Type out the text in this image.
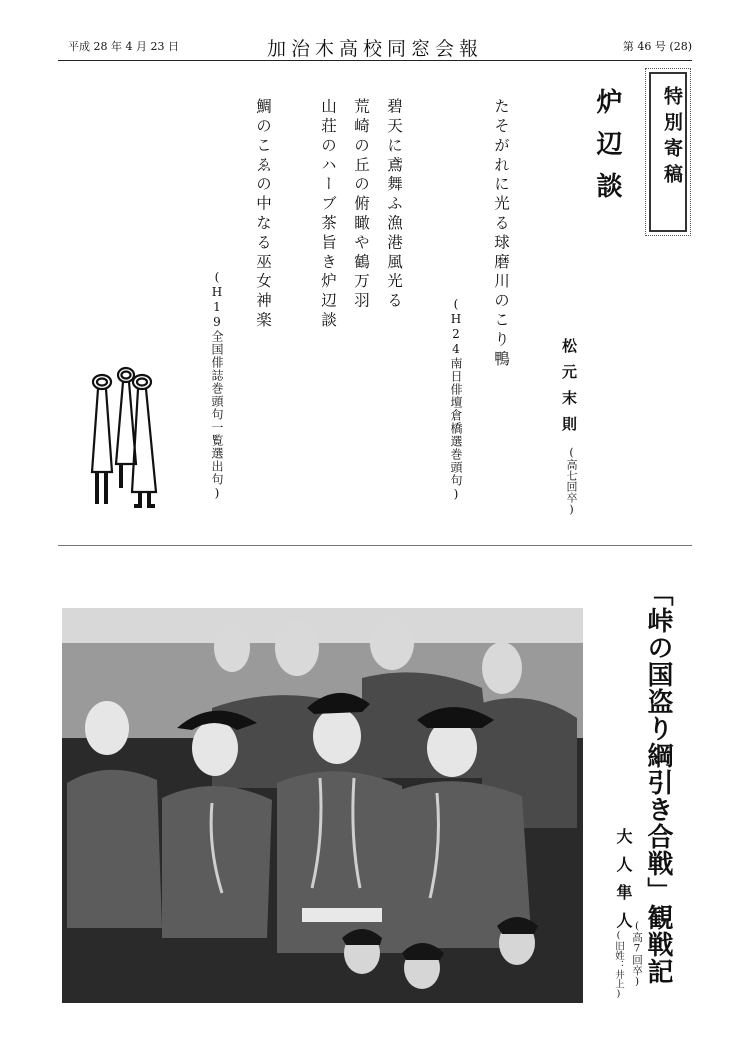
平成 28 年 4 月 23 日	加治木高校同窓会報	第 46 号 (28)
特別寄稿
炉辺談
松元末則
(高七回卒)
たそがれに光る球磨川のこり鴨
(H24南日俳壇倉橋選巻頭句)
碧天に鳶舞ふ漁港風光る
荒崎の丘の俯瞰や鶴万羽
山荘のハーブ茶旨き炉辺談
鯛のこゑの中なる巫女神楽
(H19全国俳誌巻頭句一覧選出句)
「峠の国盗り綱引き合戦」観戦記
大人隼人
(高7回卒)
(旧姓：井上)
